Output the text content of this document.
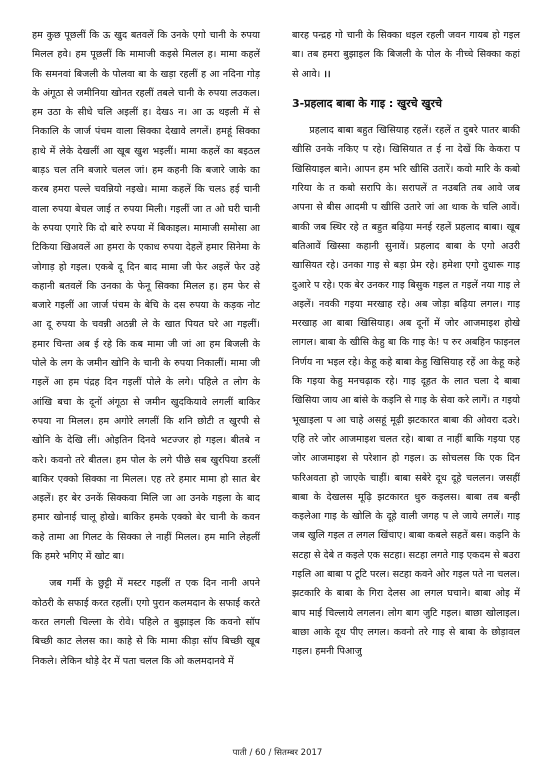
हम कुछ पूछलीं कि ऊ खुद बतवलें कि उनके एगो चानी के रुपया मिलल हवे। हम पूछलीं कि मामाजी कइसे मिलल ह। मामा कहलें कि समनवां बिजली के पोलवा बा के खड़ा रहलीं ह आ नदिना गोड़ के अंगूठा से जमीनिया खोनत रहलीं तबले चानी के रुपया लउकल। हम उठा के सीधे चलि अइलीं ह। देखऽ न। आ ऊ थइली में से निकालि के जार्ज पंचम वाला सिक्का देखावे लगलें। हमहूं सिक्का हाथे में लेके देखलीं आ खूब खुश भइलीं। मामा कहलें का बइठल बाड़ऽ चल तनि बजारे चलल जां। हम कहनी कि बजारे जाके का करब हमरा पल्ले चवन्नियो नइखे। मामा कहलें कि चलऽ हई चानी वाला रुपया बेचल जाई त रुपया मिली। गइलीं जा त ओ घरी चानी के रुपया एगारे कि दो बारे रुपया में बिकाइल। मामाजी समोसा आ टिकिया खिअवलें आ हमरा के एकाध रुपया देहलें हमार सिनेमा के जोगाड़ हो गइल। एकबे दू दिन बाद मामा जी फेर अइलें फेर उहे कहानी बतवलें कि उनका के फेनू सिक्का मिलल ह। हम फेर से बजारे गइलीं आ जार्ज पंचम के बेचि के दस रुपया के कड़क नोट आ दू रुपया के चवन्नी अठन्नी ले के खात पियत घरे आ गइलीं। हमार चिन्ता अब ई रहे कि कब मामा जी जां आ हम बिजली के पोले के लग के जमीन खोनि के चानी के रुपया निकालीं। मामा जी गइलें आ हम पंद्रह दिन गइलीं पोले के लगे। पहिले त लोग के आंखि बचा के दूनों अंगूठा से जमीन खुदकियावे लगलीं बाकिर रुपया ना मिलल। हम अगोरे लगलीं कि शनि छोटी त खुरपी से खोनि के देखि लीं। ओइतिन दिनवे भटज्जर हो गइल। बीतबे न करे। कवनो तरे बीतल। हम पोल के लगे पीछे सब खुरपिया डरलीं बाकिर एक्को सिक्का ना मिलल। एह तरे हमार मामा हो सात बेर अइलें। हर बेर उनकें सिक्कवा मिलि जा आ उनके गइला के बाद हमार खोनाई चालू होखे। बाकिर हमके एक्को बेर चानी के कवन कहे तामा आ गिलट के सिक्का ले नाहीं मिलल। हम मानि लेहलीं कि हमरे भगिए में खोट बा।

जब गर्मी के छुट्टी में मस्टर गइलीं त एक दिन नानी अपने कोठरी के सफाई करत रहलीं। एगो पुरान कलमदान के सफाई करते करत लगली चिल्ला के रोवे। पहिले त बुझाइल कि कवनो सॉप बिच्छी काट लेलस का। काहे से कि मामा कीड़ा सॉप बिच्छी खूब निकले। लेकिन थोड़े देर में पता चलल कि ओ कलमदानवे में

बारह पन्द्रह गो चानी के सिक्का धइल रहली जवन गायब हो गइल बा। तब हमरा बुझाइल कि बिजली के पोल के नीच्चे सिक्का कहां से आवे। ।।

3-प्रहलाद बाबा के गाइ : खुरचे खुरचे

प्रहलाद बाबा बहुत खिसियाह रहलें। रहलें त दुबरे पातर बाकी खीसि उनके नकिए प रहे। खिसियात त ई ना देखें कि केकरा प खिसियाइल बाने। आपन हम भरि खीसि उतारें। कवो मारि के कबो गरिया के त कबो सरापि के। सरापलें त नउबति तब आवे जब अपना से बीस आदमी प खीसि उतारे जां आ थाक के चलि आवें। बाकी जब स्थिर रहे त बहुत बढ़िया मनई रहलें प्रहलाद बाबा। खूब बतिआवें खिस्सा कहानी सुनावें। प्रहलाद बाबा के एगो अउरी खासियत रहे। उनका गाइ से बड़ा प्रेम रहे। हमेशा एगो दुधारू गाइ दुआरे प रहे। एक बेर उनकर गाइ बिसुक गइल त गइलें नया गाइ ले अइलें। नवकी गइया मरखाह रहे। अब जोड़ा बढ़िया लगल। गाइ मरखाह आ बाबा खिसियाह। अब दूनों में जोर आजमाइश होखे लागल। बाबा के खीसि केहु बा कि गाइ के! प रुर अबहिन फाइनल निर्णय ना भइल रहे। केहू कहे बाबा केहु खिसियाह रहें आ केहू कहे कि गइया केहु मनचढ़ाक रहे। गाइ दूहत के लात चला दे बाबा खिसिया जाय आ बांसे के कइनि से गाइ के सेवा करे लागें। त गइयो भूखाइला प आ चाहे असहूं मूढ़ी झटकारत बाबा की ओवरा दउरे। एहि तरे जोर आजमाइश चलत रहे। बाबा त नाहीं बाकि गइया एह जोर आजमाइश से परेशान हो गइल। ऊ सोचलस कि एक दिन फरिअवता हो जाएके चाहीं। बाबा सबेरे दूध दूहे चललन। जसहीं बाबा के देखलस मूढ़ि झटकारत धुरु कइलस। बाबा तब बन्ही कइलेआ गाइ के खोलि के दूहे वाली जगह प ले जाये लगलें। गाइ जब खुलि गइल त लगल खिंचाए। बाबा कबले सहतें बस। कइनि के सटहा से देबे त कइले एक सटहा। सटहा लगते गाइ एकदम से बउरा गइलि आ बाबा प टूटि परल। सटहा कवने ओर गइल पते ना चलल। झटकारि के बाबा के गिरा देलस आ लगल घचाने। बाबा ओइ में बाप माई चिल्लाये लगलन। लोग बाग जुटि गइल। बाछा खोलाइल। बाछा आके दूध पीए लगल। कवनो तरे गाइ से बाबा के छोड़ावल गइल। हमनी पिआजु

पाती / 60 / सितम्बर 2017
